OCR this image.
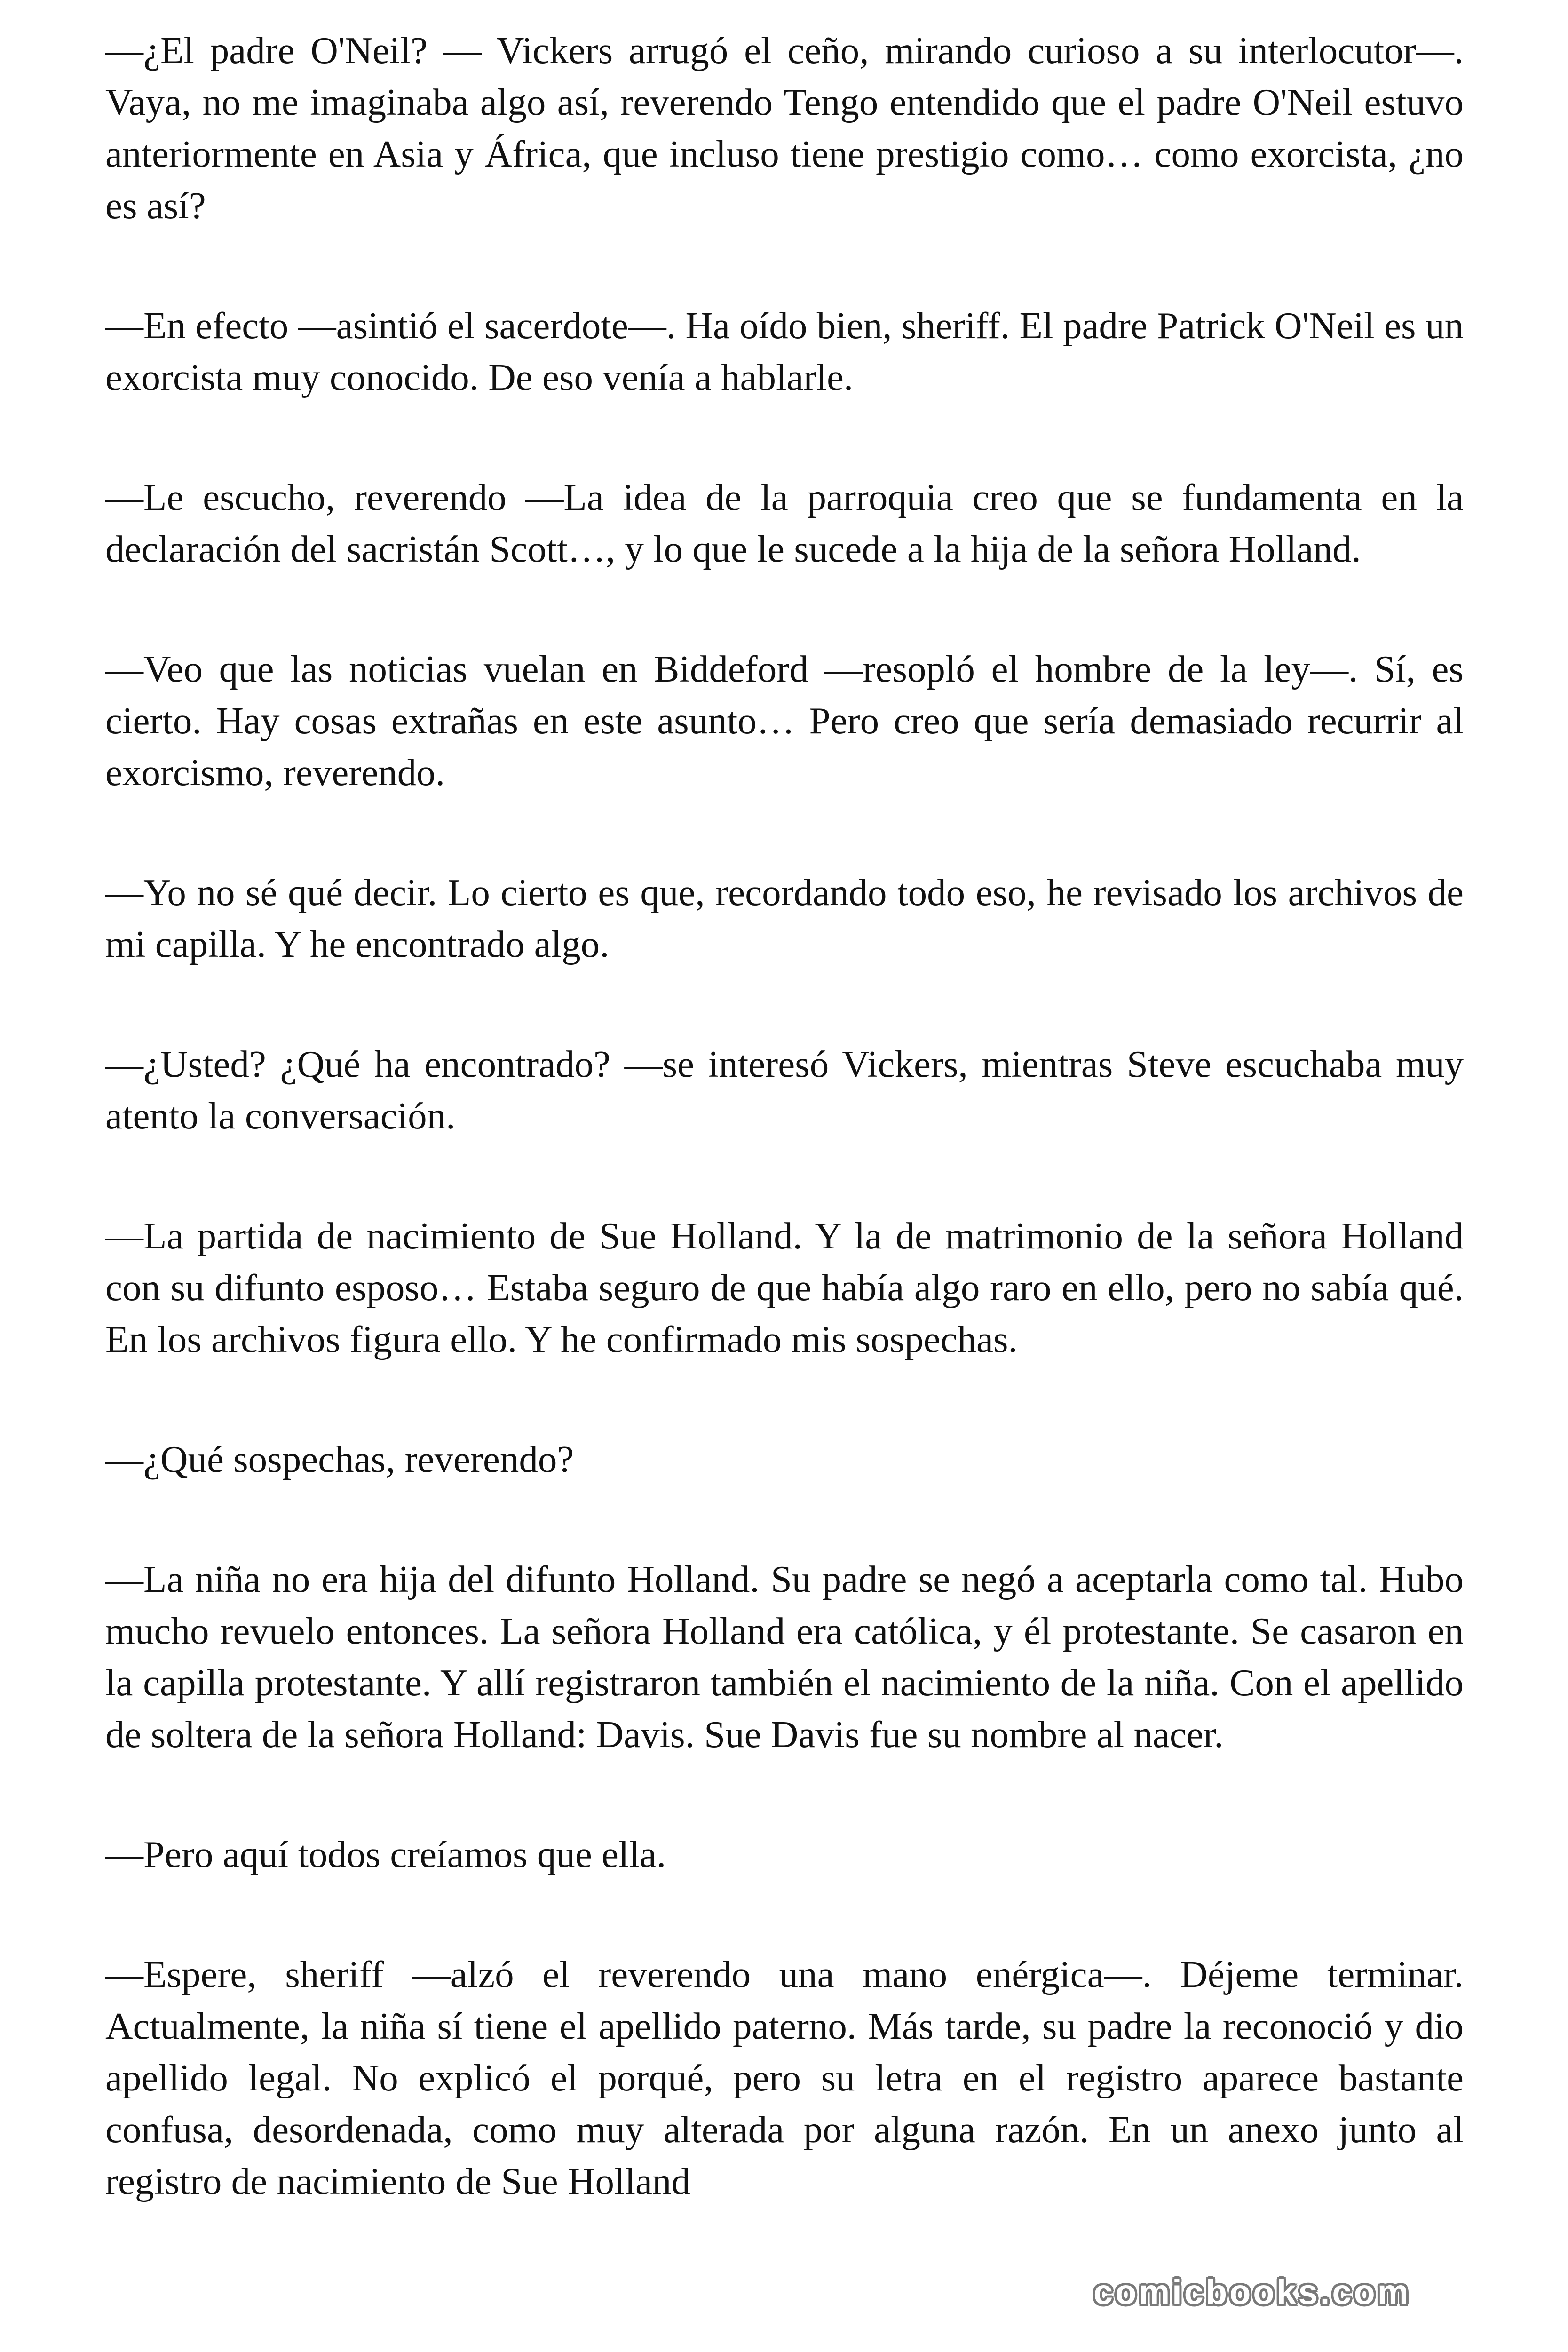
—¿El padre O'Neil? — Vickers arrugó el ceño, mirando curioso a su interlocutor—. Vaya, no me imaginaba algo así, reverendo Tengo entendido que el padre O'Neil estuvo anteriormente en Asia y África, que incluso tiene prestigio como… como exorcista, ¿no es así?

—En efecto —asintió el sacerdote—. Ha oído bien, sheriff. El padre Patrick O'Neil es un exorcista muy conocido. De eso venía a hablarle.

—Le escucho, reverendo —La idea de la parroquia creo que se fundamenta en la declaración del sacristán Scott…, y lo que le sucede a la hija de la señora Holland.

—Veo que las noticias vuelan en Biddeford —resopló el hombre de la ley—. Sí, es cierto. Hay cosas extrañas en este asunto… Pero creo que sería demasiado recurrir al exorcismo, reverendo.

—Yo no sé qué decir. Lo cierto es que, recordando todo eso, he revisado los archivos de mi capilla. Y he encontrado algo.

—¿Usted? ¿Qué ha encontrado? —se interesó Vickers, mientras Steve escuchaba muy atento la conversación.

—La partida de nacimiento de Sue Holland. Y la de matrimonio de la señora Holland con su difunto esposo… Estaba seguro de que había algo raro en ello, pero no sabía qué. En los archivos figura ello. Y he confirmado mis sospechas.

—¿Qué sospechas, reverendo?

—La niña no era hija del difunto Holland. Su padre se negó a aceptarla como tal. Hubo mucho revuelo entonces. La señora Holland era católica, y él protestante. Se casaron en la capilla protestante. Y allí registraron también el nacimiento de la niña. Con el apellido de soltera de la señora Holland: Davis. Sue Davis fue su nombre al nacer.

—Pero aquí todos creíamos que ella.

—Espere, sheriff —alzó el reverendo una mano enérgica—. Déjeme terminar. Actualmente, la niña sí tiene el apellido paterno. Más tarde, su padre la reconoció y dio apellido legal. No explicó el porqué, pero su letra en el registro aparece bastante confusa, desordenada, como muy alterada por alguna razón. En un anexo junto al registro de nacimiento de Sue Holland

comicbooks.com
